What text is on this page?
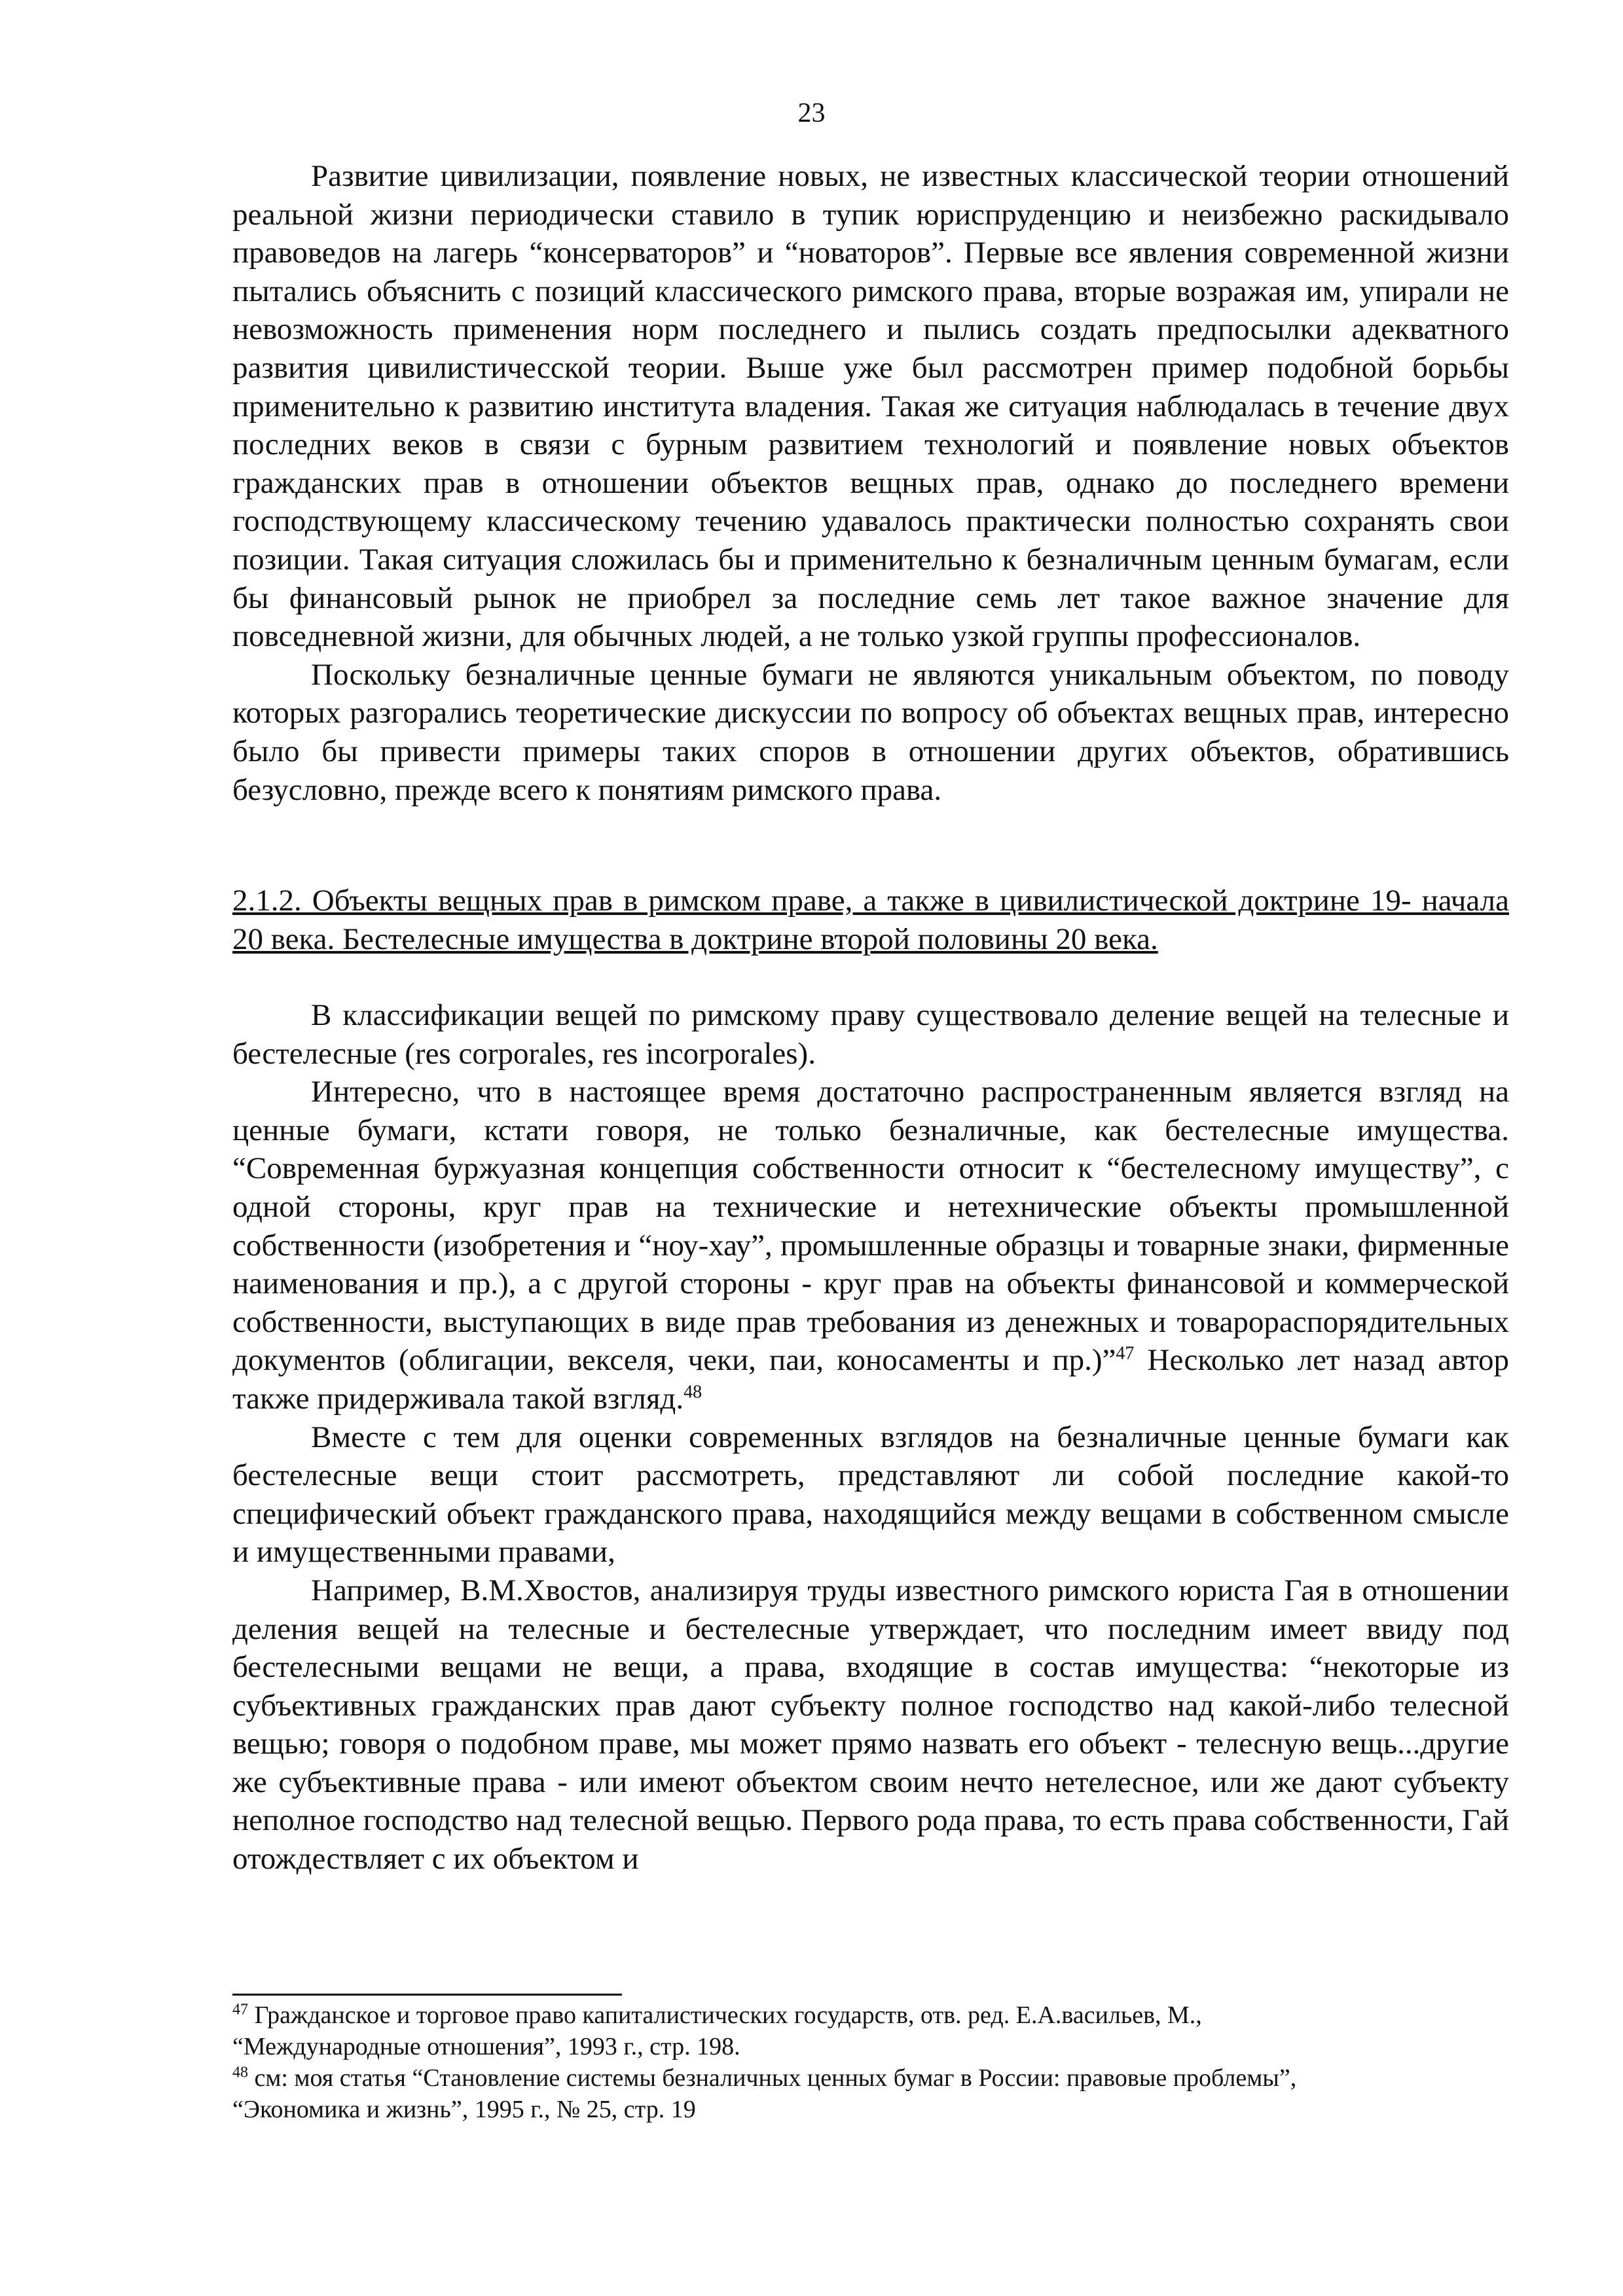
23

Развитие цивилизации, появление новых, не известных классической теории отношений реальной жизни периодически ставило в тупик юриспруденцию и неизбежно раскидывало правоведов на лагерь “консерваторов” и “новаторов”. Первые все явления современной жизни пытались объяснить с позиций классического римского права, вторые возражая им, упирали не невозможность применения норм последнего и пылись создать предпосылки адекватного развития цивилистичесской теории. Выше уже был рассмотрен пример подобной борьбы применительно к развитию института владения. Такая же ситуация наблюдалась в течение двух последних веков в связи с бурным развитием технологий и появление новых объектов гражданских прав в отношении объектов вещных прав, однако до последнего времени господствующему классическому течению удавалось практически полностью сохранять свои позиции. Такая ситуация сложилась бы и применительно к безналичным ценным бумагам, если бы финансовый рынок не приобрел за последние семь лет такое важное значение для повседневной жизни, для обычных людей, а не только узкой группы профессионалов.

Поскольку безналичные ценные бумаги не являются уникальным объектом, по поводу которых разгорались теоретические дискуссии по вопросу об объектах вещных прав, интересно было бы привести примеры таких споров в отношении других объектов, обратившись безусловно, прежде всего к понятиям римского права.

2.1.2. Объекты вещных прав в римском праве, а также в цивилистической доктрине 19- начала 20 века. Бестелесные имущества в доктрине второй половины 20 века.

В классификации вещей по римскому праву существовало деление вещей на телесные и бестелесные (res corporales, res incorporales).

Интересно, что в настоящее время достаточно распространенным является взгляд на ценные бумаги, кстати говоря, не только безналичные, как бестелесные имущества. “Современная буржуазная концепция собственности относит к “бестелесному имуществу”, с одной стороны, круг прав на технические и нетехнические объекты промышленной собственности (изобретения и “ноу-хау”, промышленные образцы и товарные знаки, фирменные наименования и пр.), а с другой стороны - круг прав на объекты финансовой и коммерческой собственности, выступающих в виде прав требования из денежных и товарораспорядительных документов (облигации, векселя, чеки, паи, коносаменты и пр.)”$^{47}$ Несколько лет назад автор также придерживала такой взгляд.$^{48}$

Вместе с тем для оценки современных взглядов на безналичные ценные бумаги как бестелесные вещи стоит рассмотреть, представляют ли собой последние какой-то специфический объект гражданского права, находящийся между вещами в собственном смысле и имущественными правами,

Например, В.М.Хвостов, анализируя труды известного римского юриста Гая в отношении деления вещей на телесные и бестелесные утверждает, что последним имеет ввиду под бестелесными вещами не вещи, а права, входящие в состав имущества: “некоторые из субъективных гражданских прав дают субъекту полное господство над какой-либо телесной вещью; говоря о подобном праве, мы может прямо назвать его объект - телесную вещь...другие же субъективные права - или имеют объектом своим нечто нетелесное, или же дают субъекту неполное господство над телесной вещью. Первого рода права, то есть права собственности, Гай отождествляет с их объектом и

$^{47}$ Гражданское и торговое право капиталистических государств, отв. ред. Е.А.васильев, М.,

“Международные отношения”, 1993 г., стр. 198.

$^{48}$ см: моя статья “Становление системы безналичных ценных бумаг в России: правовые проблемы”,

“Экономика и жизнь”, 1995 г., № 25, стр. 19
